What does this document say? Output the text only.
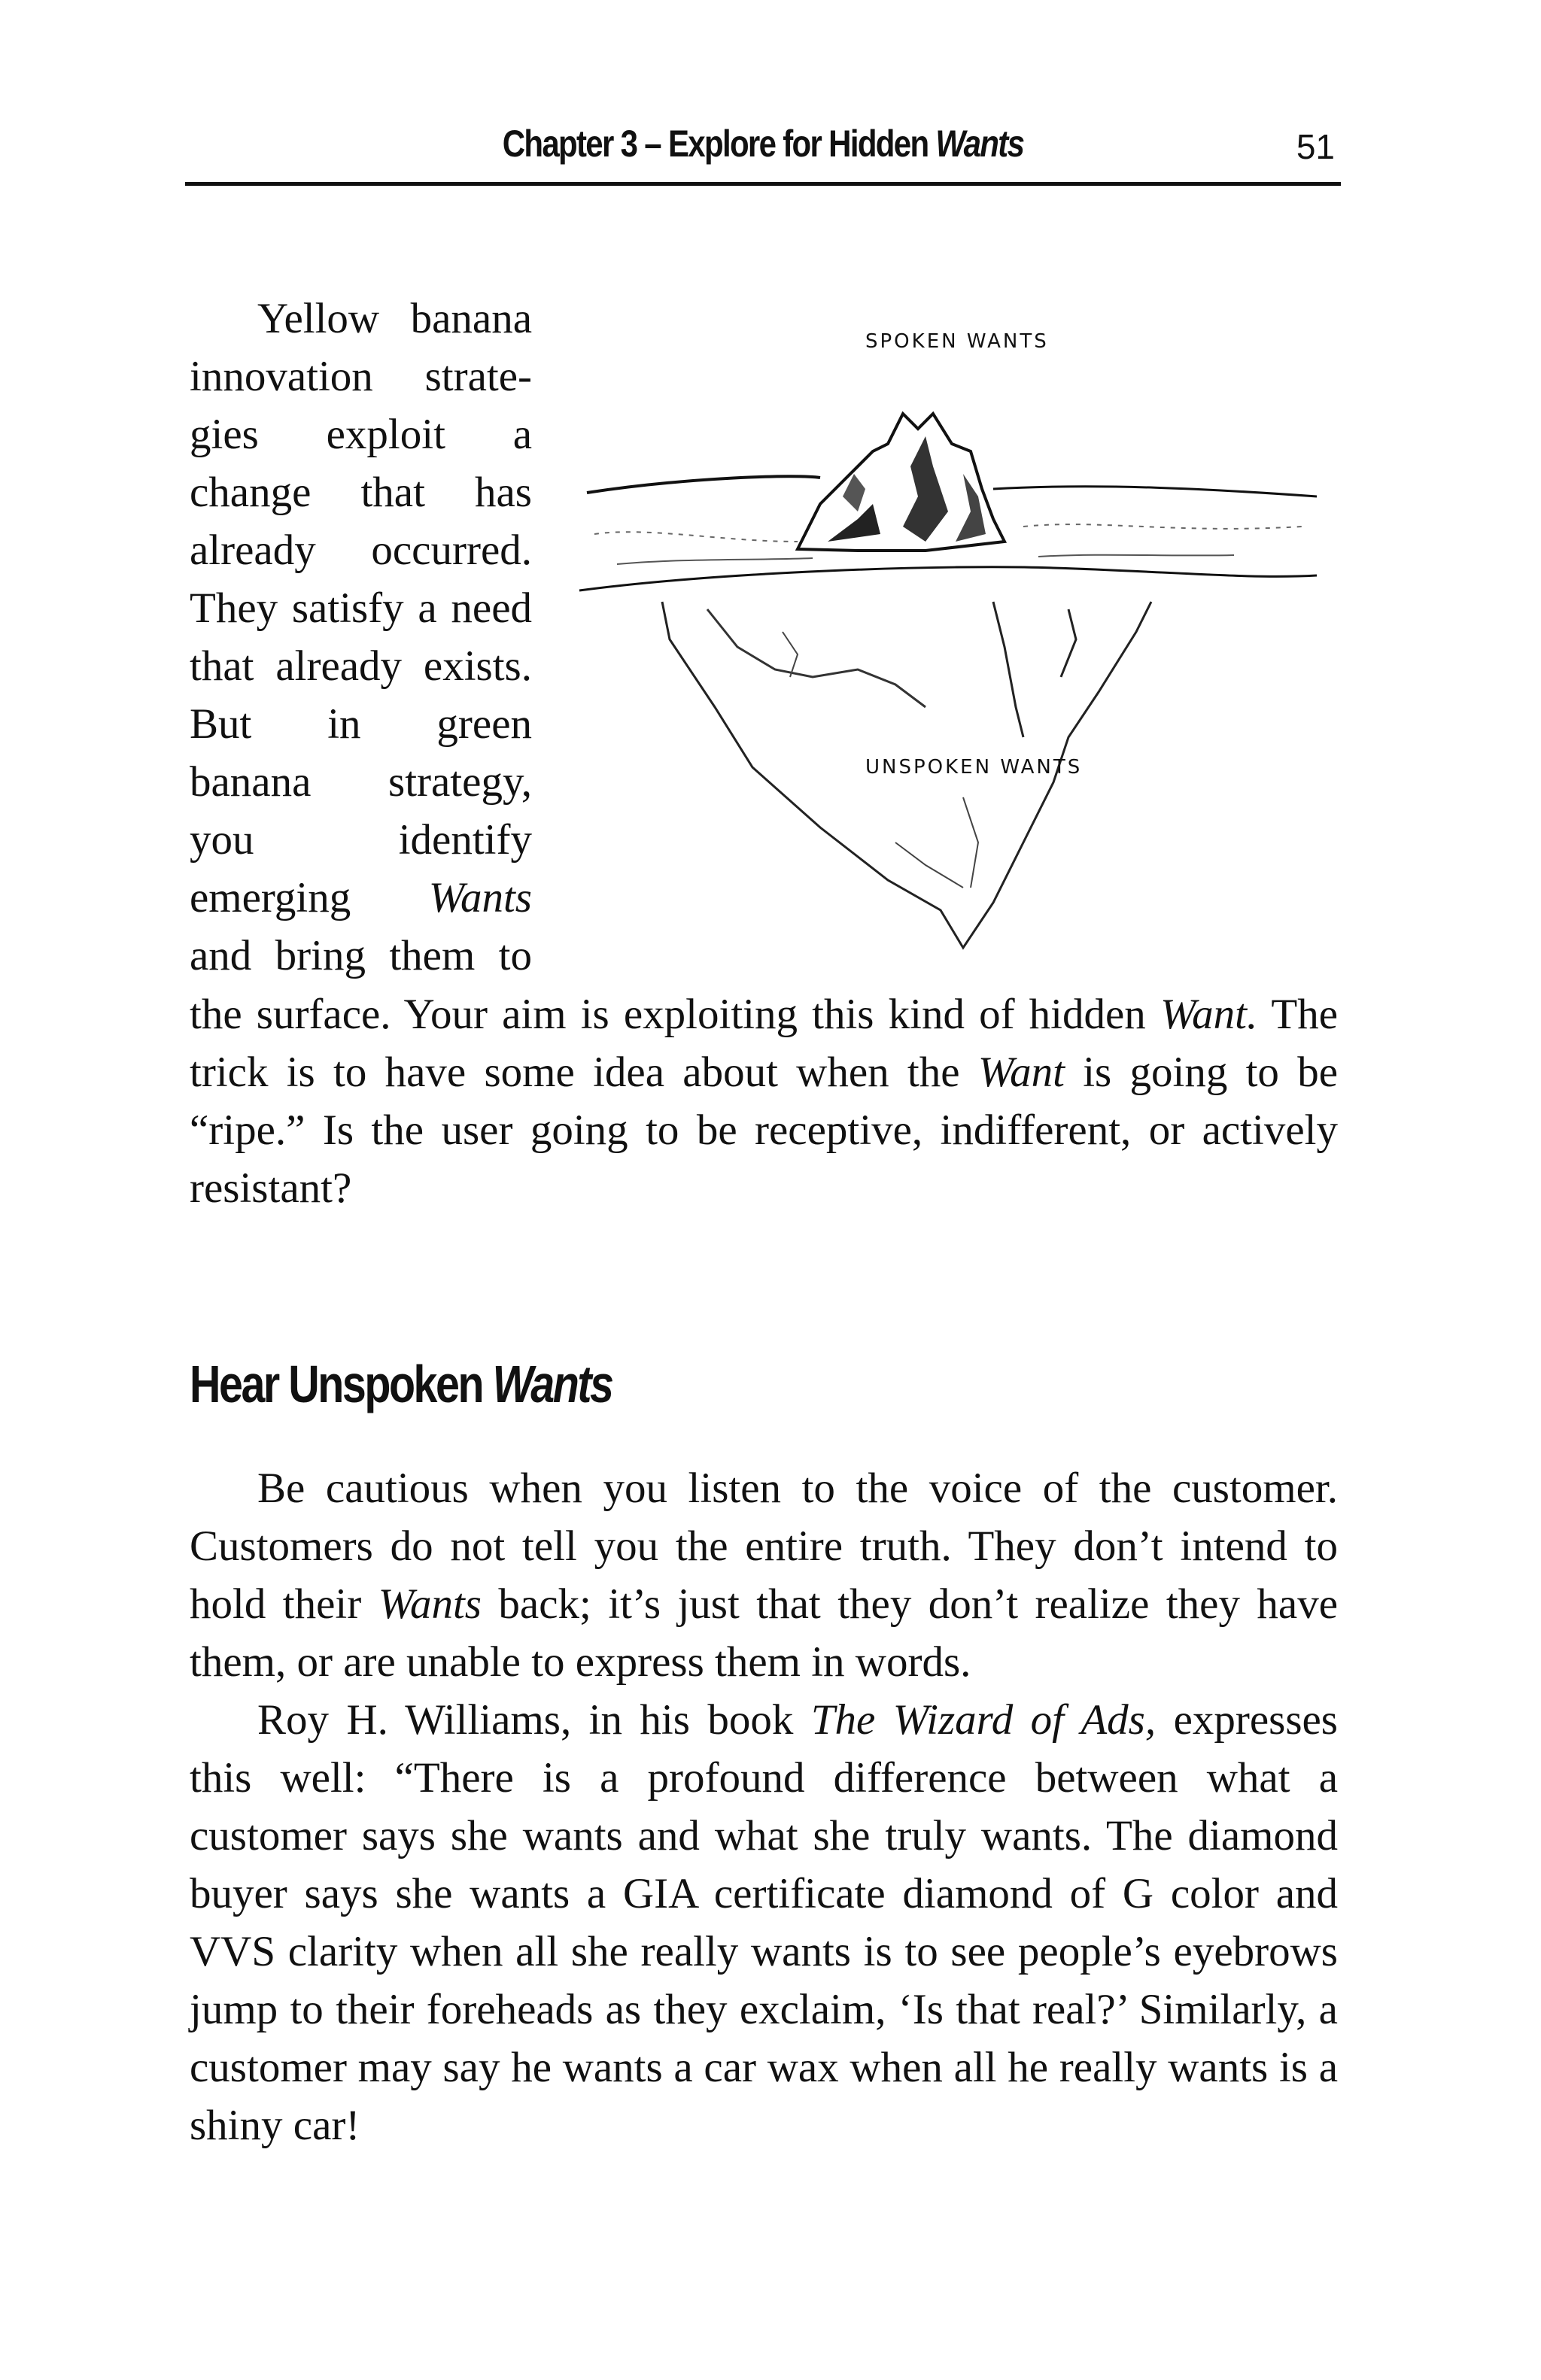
Chapter 3 – Explore for Hidden Wants	51
SPOKEN WANTS
UNSPOKEN WANTS
Yellow banana
innovation strate-
gies exploit a
change that has
already occurred.
They satisfy a need
that already exists.
But in green
banana strategy,
you identify
emerging Wants
and bring them to

the surface. Your aim is exploiting this kind of hidden Want. The trick is to have some idea about when the Want is going to be “ripe.” Is the user going to be receptive, indifferent, or actively resistant?

Hear Unspoken Wants

Be cautious when you listen to the voice of the customer. Customers do not tell you the entire truth. They don’t intend to hold their Wants back; it’s just that they don’t realize they have them, or are unable to express them in words.

Roy H. Williams, in his book The Wizard of Ads, expresses this well: “There is a profound difference between what a customer says she wants and what she truly wants. The diamond buyer says she wants a GIA certificate diamond of G color and VVS clarity when all she really wants is to see people’s eyebrows jump to their foreheads as they exclaim, ‘Is that real?’ Similarly, a customer may say he wants a car wax when all he really wants is a shiny car!
